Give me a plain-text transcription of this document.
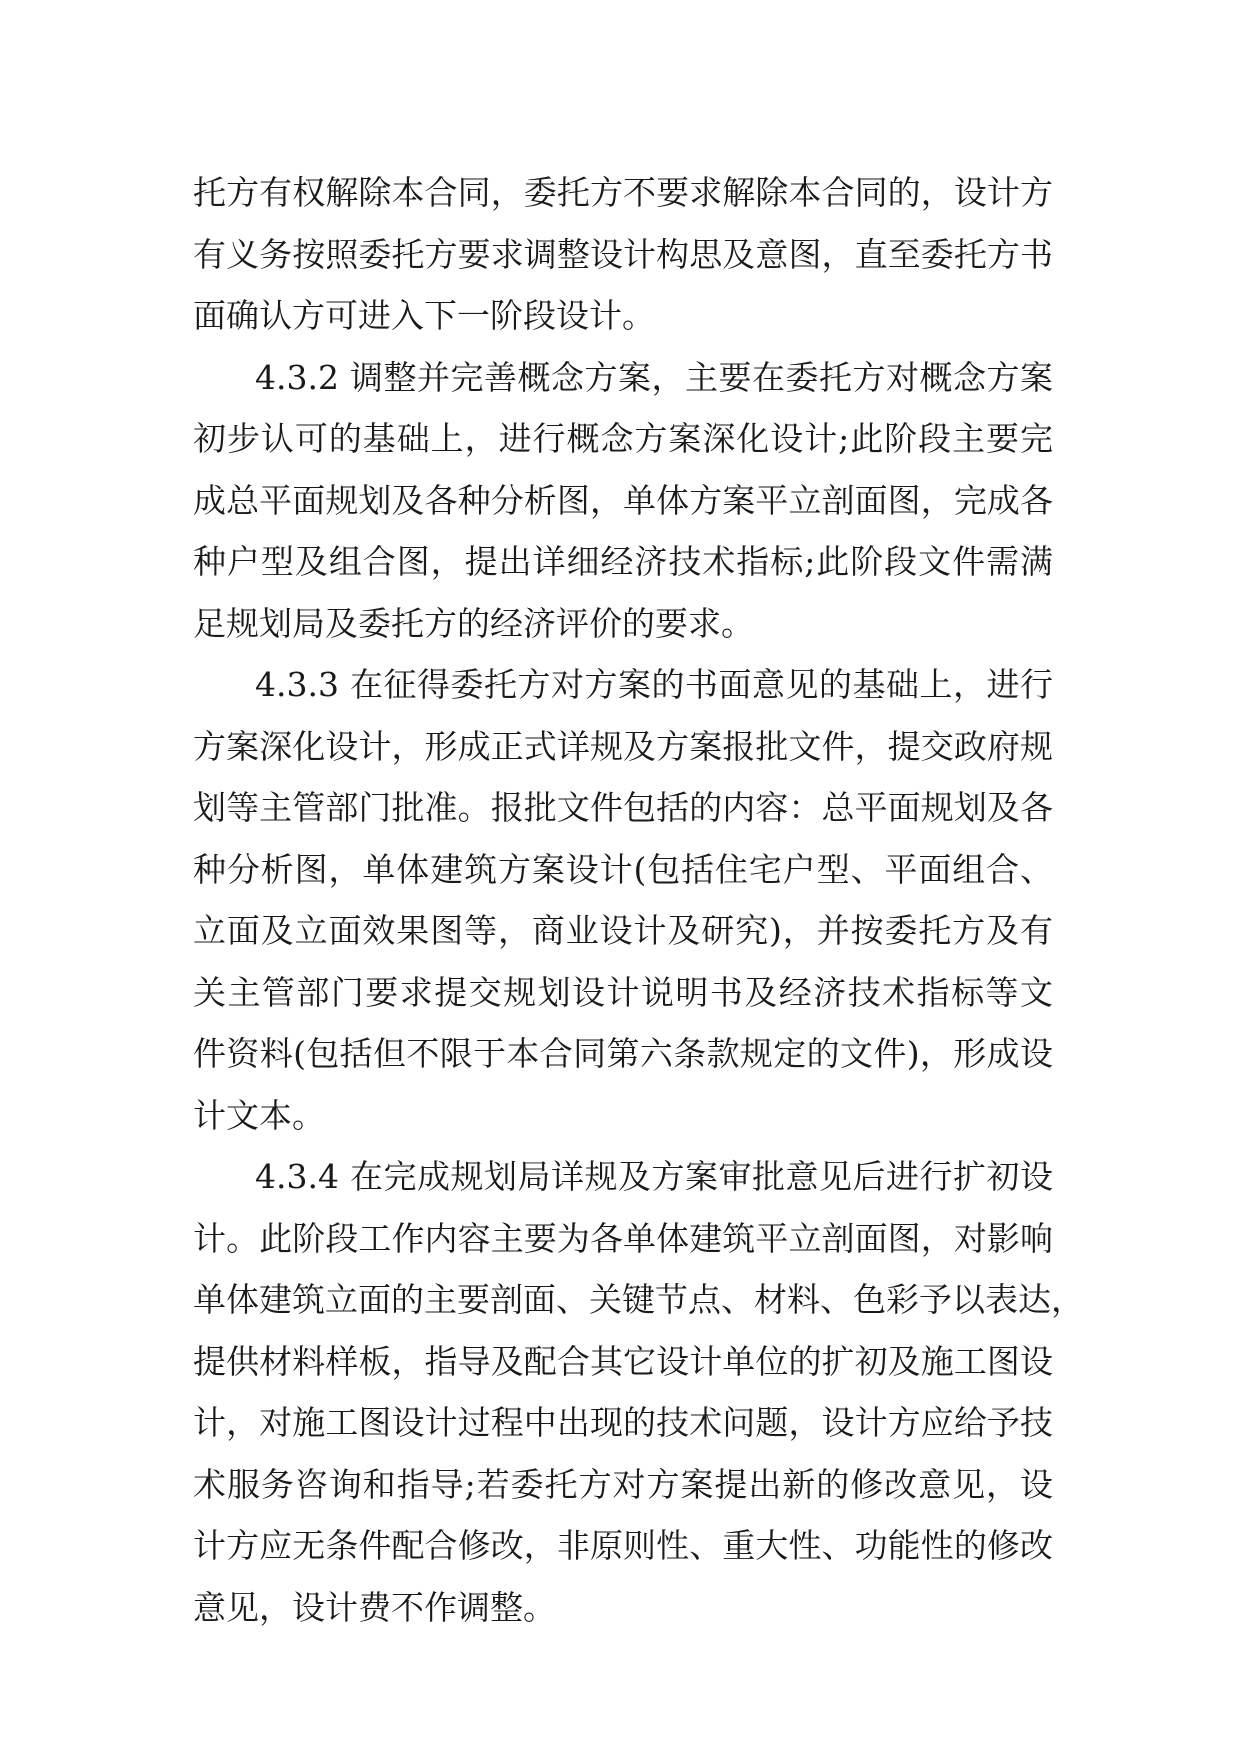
托方有权解除本合同，委托方不要求解除本合同的，设计方
有义务按照委托方要求调整设计构思及意图，直至委托方书
面确认方可进入下一阶段设计。
4.3.2 调整并完善概念方案，主要在委托方对概念方案
初步认可的基础上，进行概念方案深化设计;此阶段主要完
成总平面规划及各种分析图，单体方案平立剖面图，完成各
种户型及组合图，提出详细经济技术指标;此阶段文件需满
足规划局及委托方的经济评价的要求。
4.3.3 在征得委托方对方案的书面意见的基础上，进行
方案深化设计，形成正式详规及方案报批文件，提交政府规
划等主管部门批准。报批文件包括的内容：总平面规划及各
种分析图，单体建筑方案设计(包括住宅户型、平面组合、
立面及立面效果图等，商业设计及研究)，并按委托方及有
关主管部门要求提交规划设计说明书及经济技术指标等文
件资料(包括但不限于本合同第六条款规定的文件)，形成设
计文本。
4.3.4 在完成规划局详规及方案审批意见后进行扩初设
计。此阶段工作内容主要为各单体建筑平立剖面图，对影响
单体建筑立面的主要剖面、关键节点、材料、色彩予以表达，
提供材料样板，指导及配合其它设计单位的扩初及施工图设
计，对施工图设计过程中出现的技术问题，设计方应给予技
术服务咨询和指导;若委托方对方案提出新的修改意见，设
计方应无条件配合修改，非原则性、重大性、功能性的修改
意见，设计费不作调整。
